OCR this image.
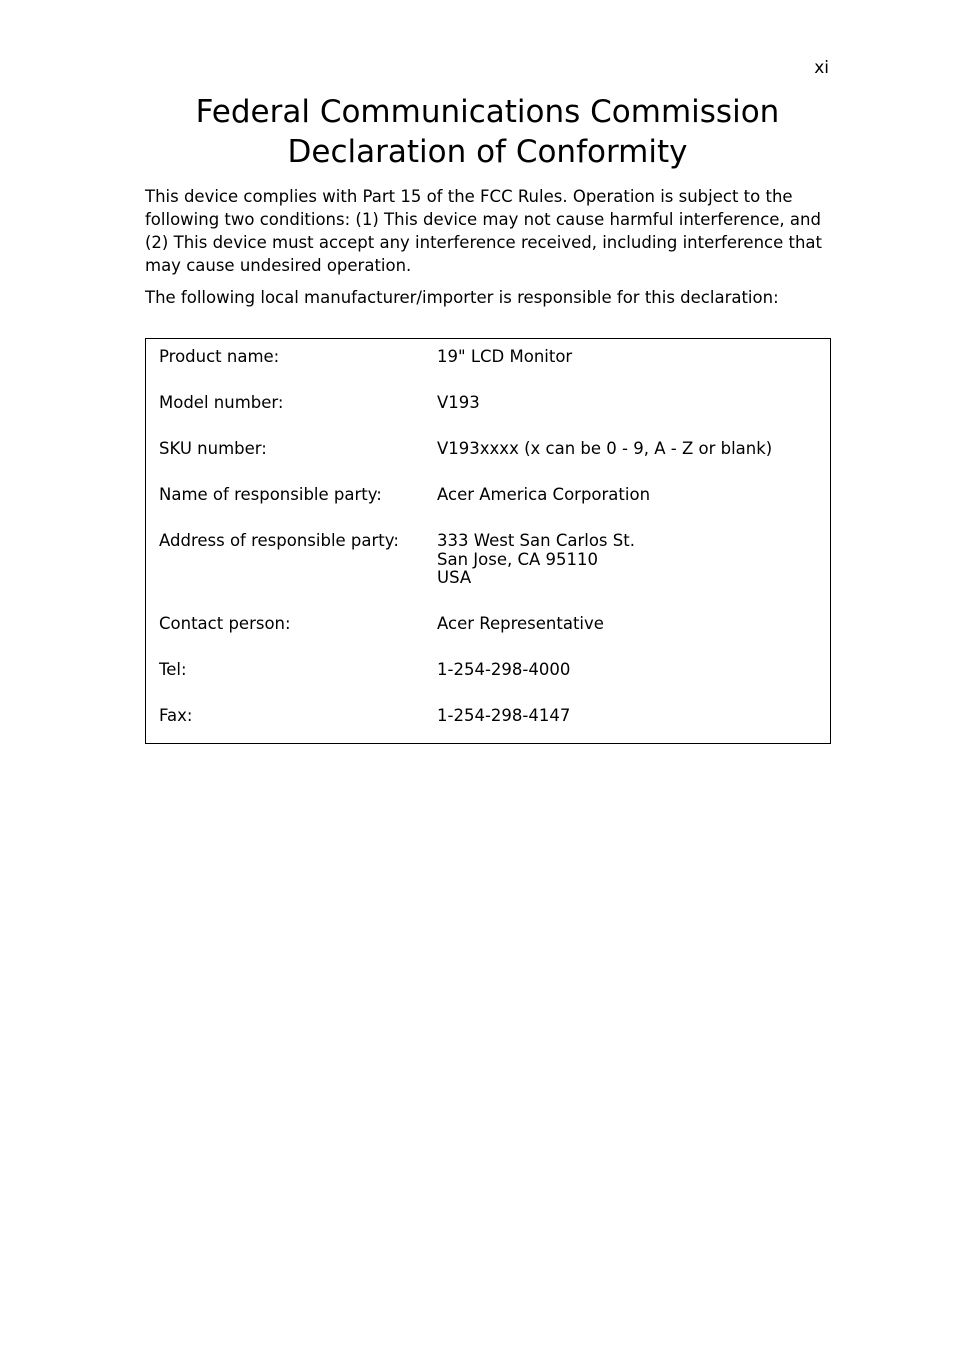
xi
Federal Communications Commission
Declaration of Conformity

This device complies with Part 15 of the FCC Rules. Operation is subject to the following two conditions: (1) This device may not cause harmful interference, and (2) This device must accept any interference received, including interference that may cause undesired operation.

The following local manufacturer/importer is responsible for this declaration:

Product name:	19" LCD Monitor
Model number:	V193
SKU number:	V193xxxx (x can be 0 - 9, A - Z or blank)
Name of responsible party:	Acer America Corporation
Address of responsible party: 333 West San Carlos St.
San Jose, CA 95110
USA
Contact person:	Acer Representative
Tel:	1-254-298-4000
Fax:	1-254-298-4147
